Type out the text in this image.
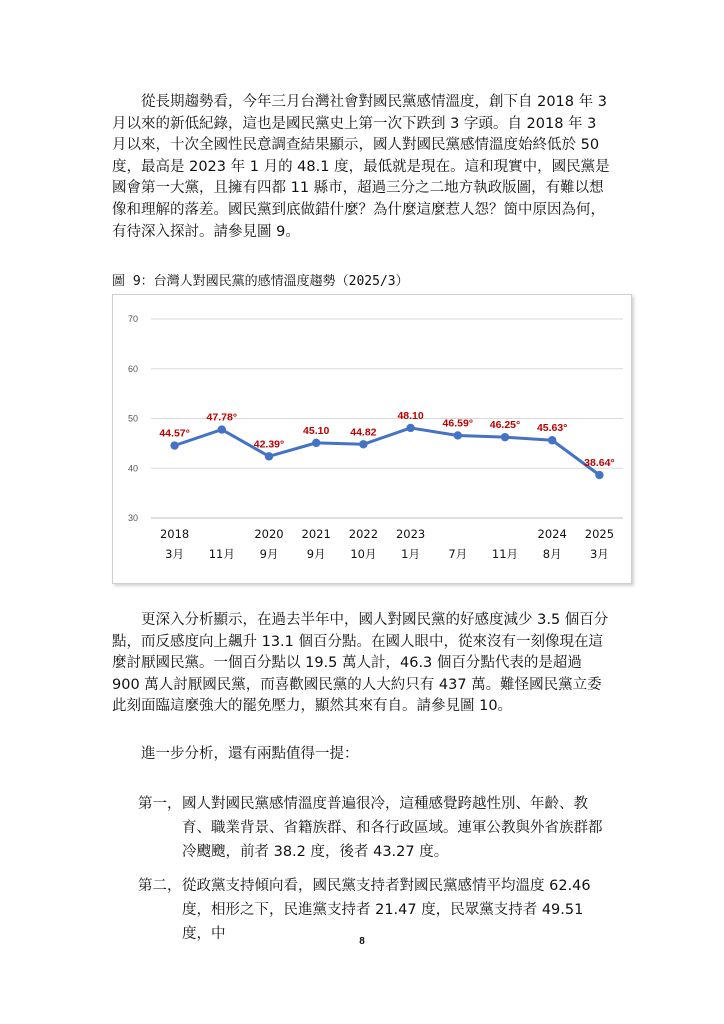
從長期趨勢看，今年三月台灣社會對國民黨感情溫度，創下自 2018 年 3 月以來的新低紀錄，這也是國民黨史上第一次下跌到 3 字頭。自 2018 年 3 月以來，十次全國性民意調查結果顯示，國人對國民黨感情溫度始終低於 50 度，最高是 2023 年 1 月的 48.1 度，最低就是現在。這和現實中，國民黨是國會第一大黨，且擁有四都 11 縣市，超過三分之二地方執政版圖，有難以想像和理解的落差。國民黨到底做錯什麼？為什麼這麼惹人怨？箇中原因為何，有待深入探討。請參見圖 9。

圖 9：台灣人對國民黨的感情溫度趨勢（2025/3）
30
40
50
60
70
2018
3月 11月
2020
9月
2021
9月
2022
10月
2023
1月 7月 11月
2024
8月
2025
3月
44.57°
47.78°
42.39°
45.10 44.82
48.10
46.59° 46.25° 45.63°
38.64°

更深入分析顯示，在過去半年中，國人對國民黨的好感度減少 3.5 個百分點，而反感度向上飆升 13.1 個百分點。在國人眼中，從來沒有一刻像現在這麼討厭國民黨。一個百分點以 19.5 萬人計，46.3 個百分點代表的是超過 900 萬人討厭國民黨，而喜歡國民黨的人大約只有 437 萬。難怪國民黨立委此刻面臨這麼強大的罷免壓力，顯然其來有自。請參見圖 10。

進一步分析，還有兩點值得一提：

第一， 國人對國民黨感情溫度普遍很冷，這種感覺跨越性別、年齡、教育、職業背景、省籍族群、和各行政區域。連軍公教與外省族群都冷颼颼，前者 38.2 度，後者 43.27 度。
第二， 從政黨支持傾向看，國民黨支持者對國民黨感情平均溫度 62.46 度，相形之下，民進黨支持者 21.47 度，民眾黨支持者 49.51 度，中	8
